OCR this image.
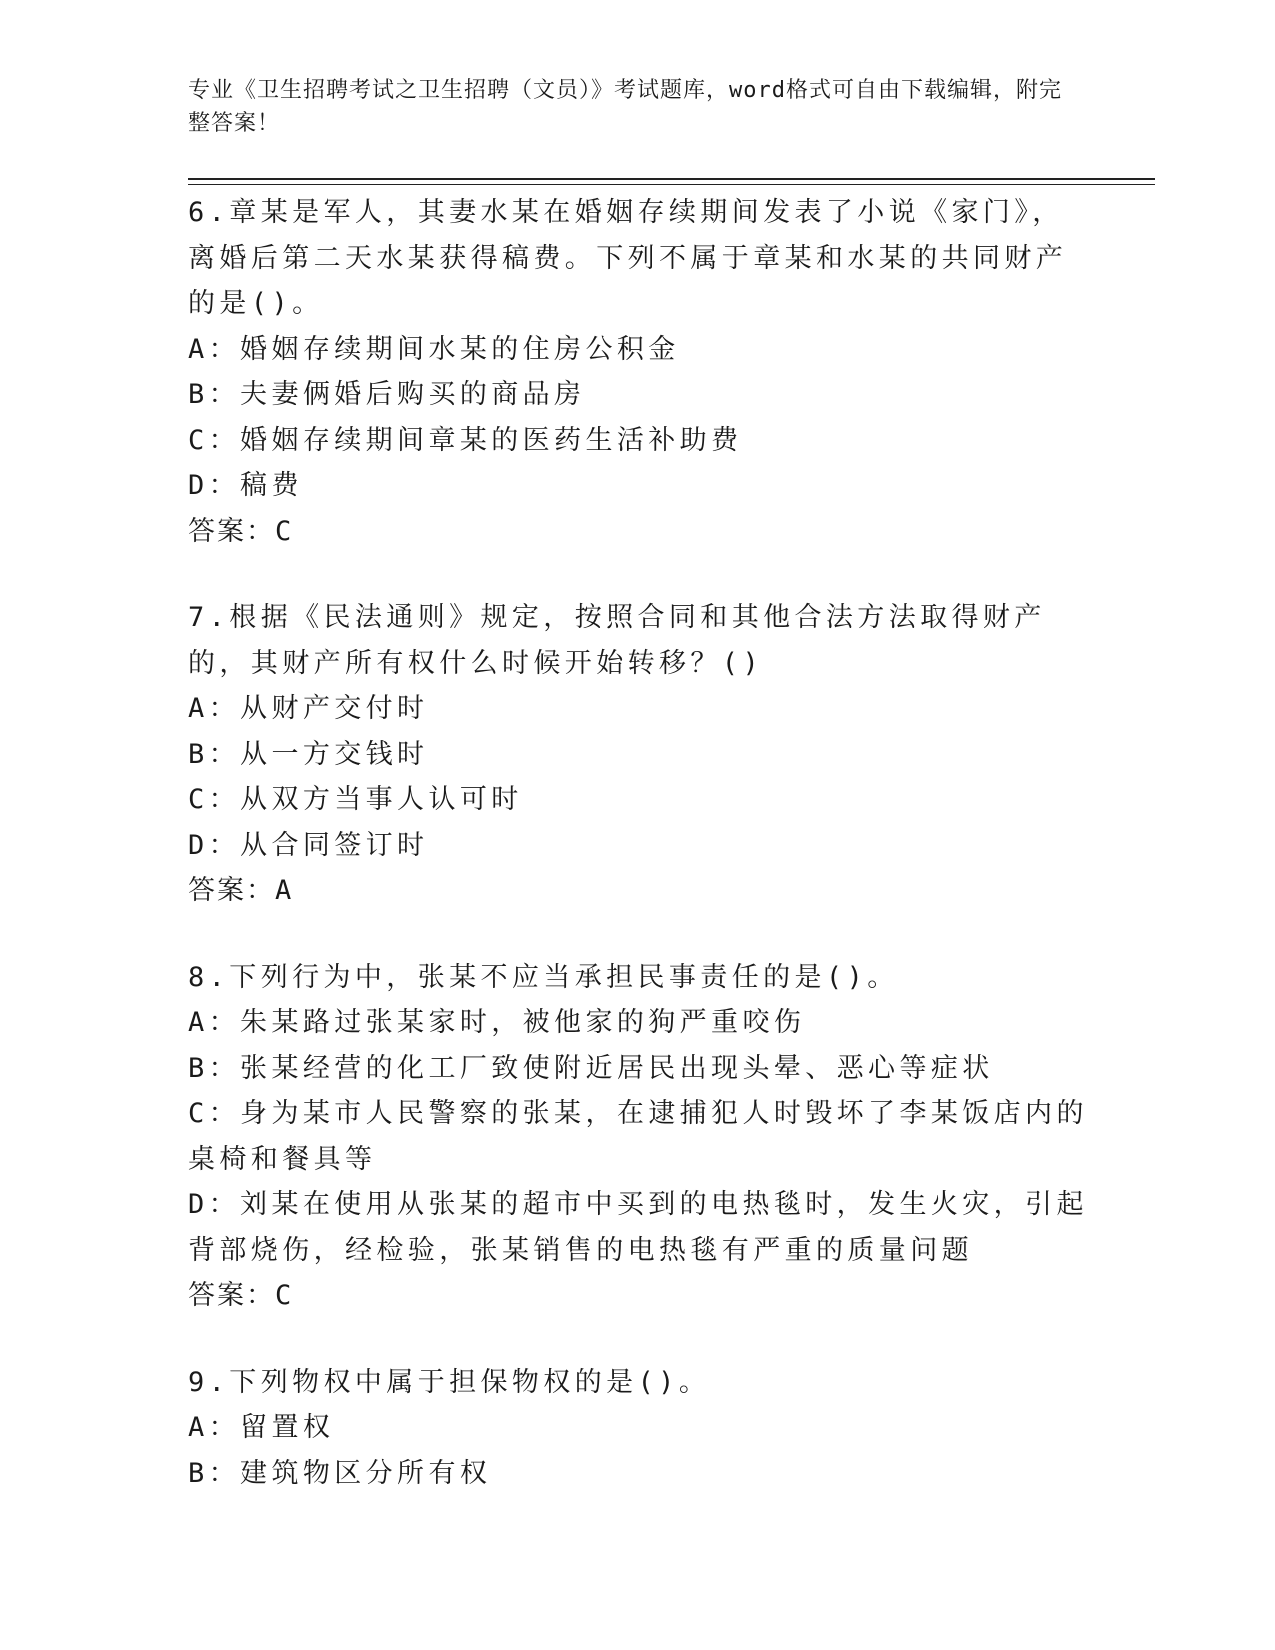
专业《卫生招聘考试之卫生招聘（文员）》考试题库，word格式可自由下载编辑，附完整答案！

6.章某是军人，其妻水某在婚姻存续期间发表了小说《家门》，离婚后第二天水某获得稿费。下列不属于章某和水某的共同财产的是()。

A：婚姻存续期间水某的住房公积金

B：夫妻俩婚后购买的商品房

C：婚姻存续期间章某的医药生活补助费

D：稿费

答案：C

7.根据《民法通则》规定，按照合同和其他合法方法取得财产的，其财产所有权什么时候开始转移？()

A：从财产交付时

B：从一方交钱时

C：从双方当事人认可时

D：从合同签订时

答案：A

8.下列行为中，张某不应当承担民事责任的是()。

A：朱某路过张某家时，被他家的狗严重咬伤

B：张某经营的化工厂致使附近居民出现头晕、恶心等症状

C：身为某市人民警察的张某，在逮捕犯人时毁坏了李某饭店内的桌椅和餐具等

D：刘某在使用从张某的超市中买到的电热毯时，发生火灾，引起背部烧伤，经检验，张某销售的电热毯有严重的质量问题

答案：C

9.下列物权中属于担保物权的是()。

A：留置权

B：建筑物区分所有权
